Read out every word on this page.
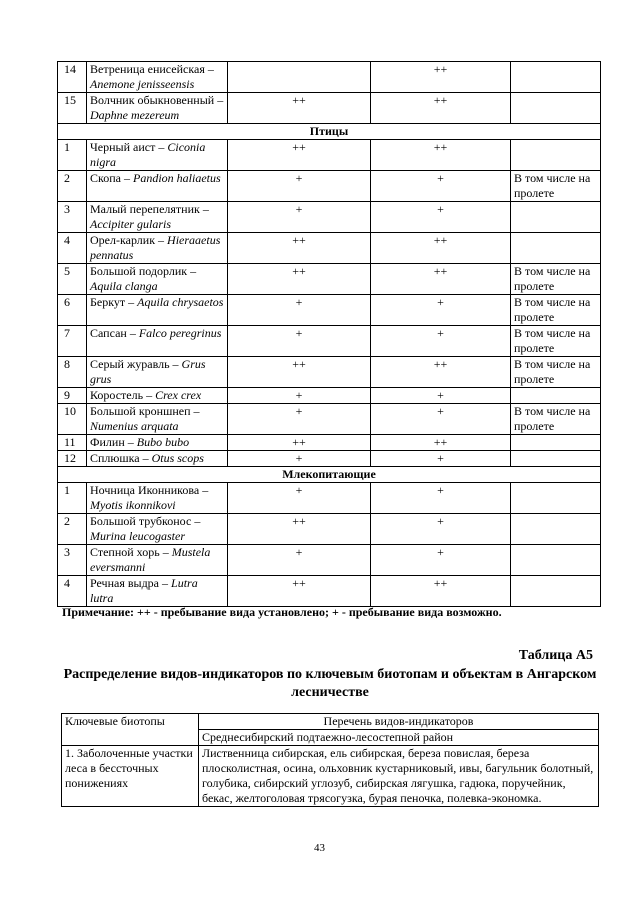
14	Ветреница енисейская – Anemone jenisseensis		++	
15	Волчник обыкновенный – Daphne mezereum	++	++	
Птицы				
1	Черный аист – Ciconia nigra	++	++	
2	Скопа – Pandion haliaetus	+	+	В том числе на пролете
3	Малый перепелятник – Accipiter gularis	+	+	
4	Орел-карлик – Hieraaetus pennatus	++	++	
5	Большой подорлик – Aquila clanga	++	++	В том числе на пролете
6	Беркут – Aquila chrysaetos	+	+	В том числе на пролете
7	Сапсан – Falco peregrinus	+	+	В том числе на пролете
8	Серый журавль – Grus grus	++	++	В том числе на пролете
9	Коростель – Crex crex	+	+	
10	Большой кроншнеп – Numenius arquata	+	+	В том числе на пролете
11	Филин – Bubo bubo	++	++	
12	Сплюшка – Otus scops	+	+	
Млекопитающие				
1	Ночница Иконникова – Myotis ikonnikovi	+	+	
2	Большой трубконос – Murina leucogaster	++	+	
3	Степной хорь – Mustela eversmanni	+	+	
4	Речная выдра – Lutra lutra	++	++	
Примечание: ++ - пребывание вида установлено; + - пребывание вида возможно.
Таблица А5
Распределение видов-индикаторов по ключевым биотопам и объектам в Ангарском лесничестве
Ключевые биотопы	Перечень видов-индикаторов
	Среднесибирский подтаежно-лесостепной район
1. Заболоченные участки леса в бессточных понижениях	Лиственница сибирская, ель сибирская, береза повислая, береза плосколистная, осина, ольховник кустарниковый, ивы, багульник болотный, голубика, сибирский углозуб, сибирская лягушка, гадюка, поручейник, бекас, желтоголовая трясогузка, бурая пеночка, полевка-экономка.
43
